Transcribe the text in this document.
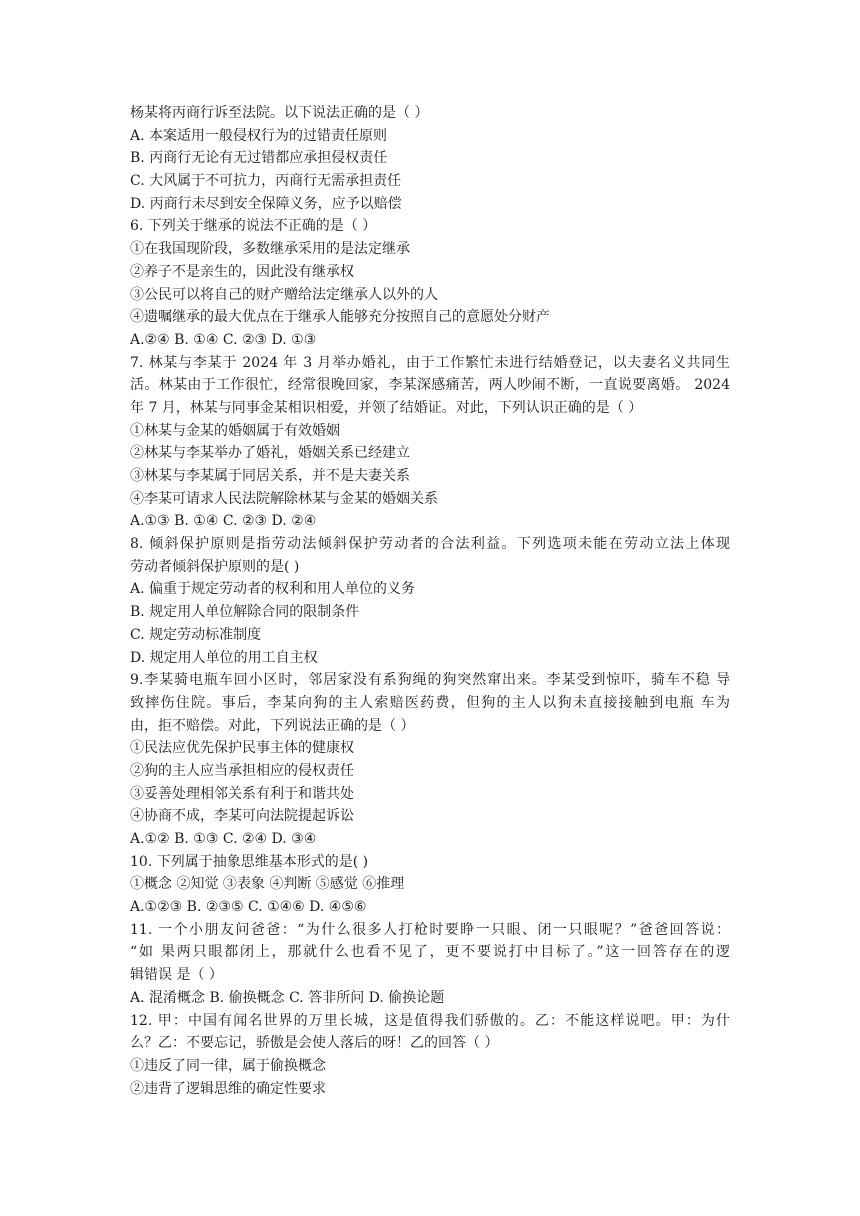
杨某将丙商行诉至法院。以下说法正确的是（ ）
A. 本案适用一般侵权行为的过错责任原则
B. 丙商行无论有无过错都应承担侵权责任
C. 大风属于不可抗力，丙商行无需承担责任
D. 丙商行未尽到安全保障义务，应予以赔偿
6. 下列关于继承的说法不正确的是（ ）
①在我国现阶段，多数继承采用的是法定继承
②养子不是亲生的，因此没有继承权
③公民可以将自己的财产赠给法定继承人以外的人
④遗嘱继承的最大优点在于继承人能够充分按照自己的意愿处分财产
A.②④ B. ①④ C. ②③ D. ①③
7. 林某与李某于 2024 年 3 月举办婚礼，由于工作繁忙未进行结婚登记，以夫妻名义共同生
活。林某由于工作很忙，经常很晚回家，李某深感痛苦，两人吵闹不断，一直说要离婚。 2024
年 7 月，林某与同事金某相识相爱，并领了结婚证。对此，下列认识正确的是（ ）
①林某与金某的婚姻属于有效婚姻
②林某与李某举办了婚礼，婚姻关系已经建立
③林某与李某属于同居关系，并不是夫妻关系
④李某可请求人民法院解除林某与金某的婚姻关系
A.①③ B. ①④ C. ②③ D. ②④
8. 倾斜保护原则是指劳动法倾斜保护劳动者的合法利益。下列选项未能在劳动立法上体现
劳动者倾斜保护原则的是( )
A. 偏重于规定劳动者的权利和用人单位的义务
B. 规定用人单位解除合同的限制条件
C. 规定劳动标准制度
D. 规定用人单位的用工自主权
9.李某骑电瓶车回小区时，邻居家没有系狗绳的狗突然窜出来。李某受到惊吓，骑车不稳 导
致摔伤住院。事后，李某向狗的主人索赔医药费，但狗的主人以狗未直接接触到电瓶 车为
由，拒不赔偿。对此，下列说法正确的是（ ）
①民法应优先保护民事主体的健康权
②狗的主人应当承担相应的侵权责任
③妥善处理相邻关系有利于和谐共处
④协商不成，李某可向法院提起诉讼
A.①② B. ①③ C. ②④ D. ③④
10. 下列属于抽象思维基本形式的是( )
①概念 ②知觉 ③表象 ④判断 ⑤感觉 ⑥推理
A.①②③ B. ②③⑤ C. ①④⑥ D. ④⑤⑥
11. 一个小朋友问爸爸：“为什么很多人打枪时要睁一只眼、闭一只眼呢？”爸爸回答说：
“如 果两只眼都闭上，那就什么也看不见了，更不要说打中目标了。”这一回答存在的逻
辑错误 是（ ）
A. 混淆概念 B. 偷换概念 C. 答非所问 D. 偷换论题
12. 甲：中国有闻名世界的万里长城，这是值得我们骄傲的。乙：不能这样说吧。甲：为什
么？乙：不要忘记，骄傲是会使人落后的呀！乙的回答（ ）
①违反了同一律，属于偷换概念
②违背了逻辑思维的确定性要求
